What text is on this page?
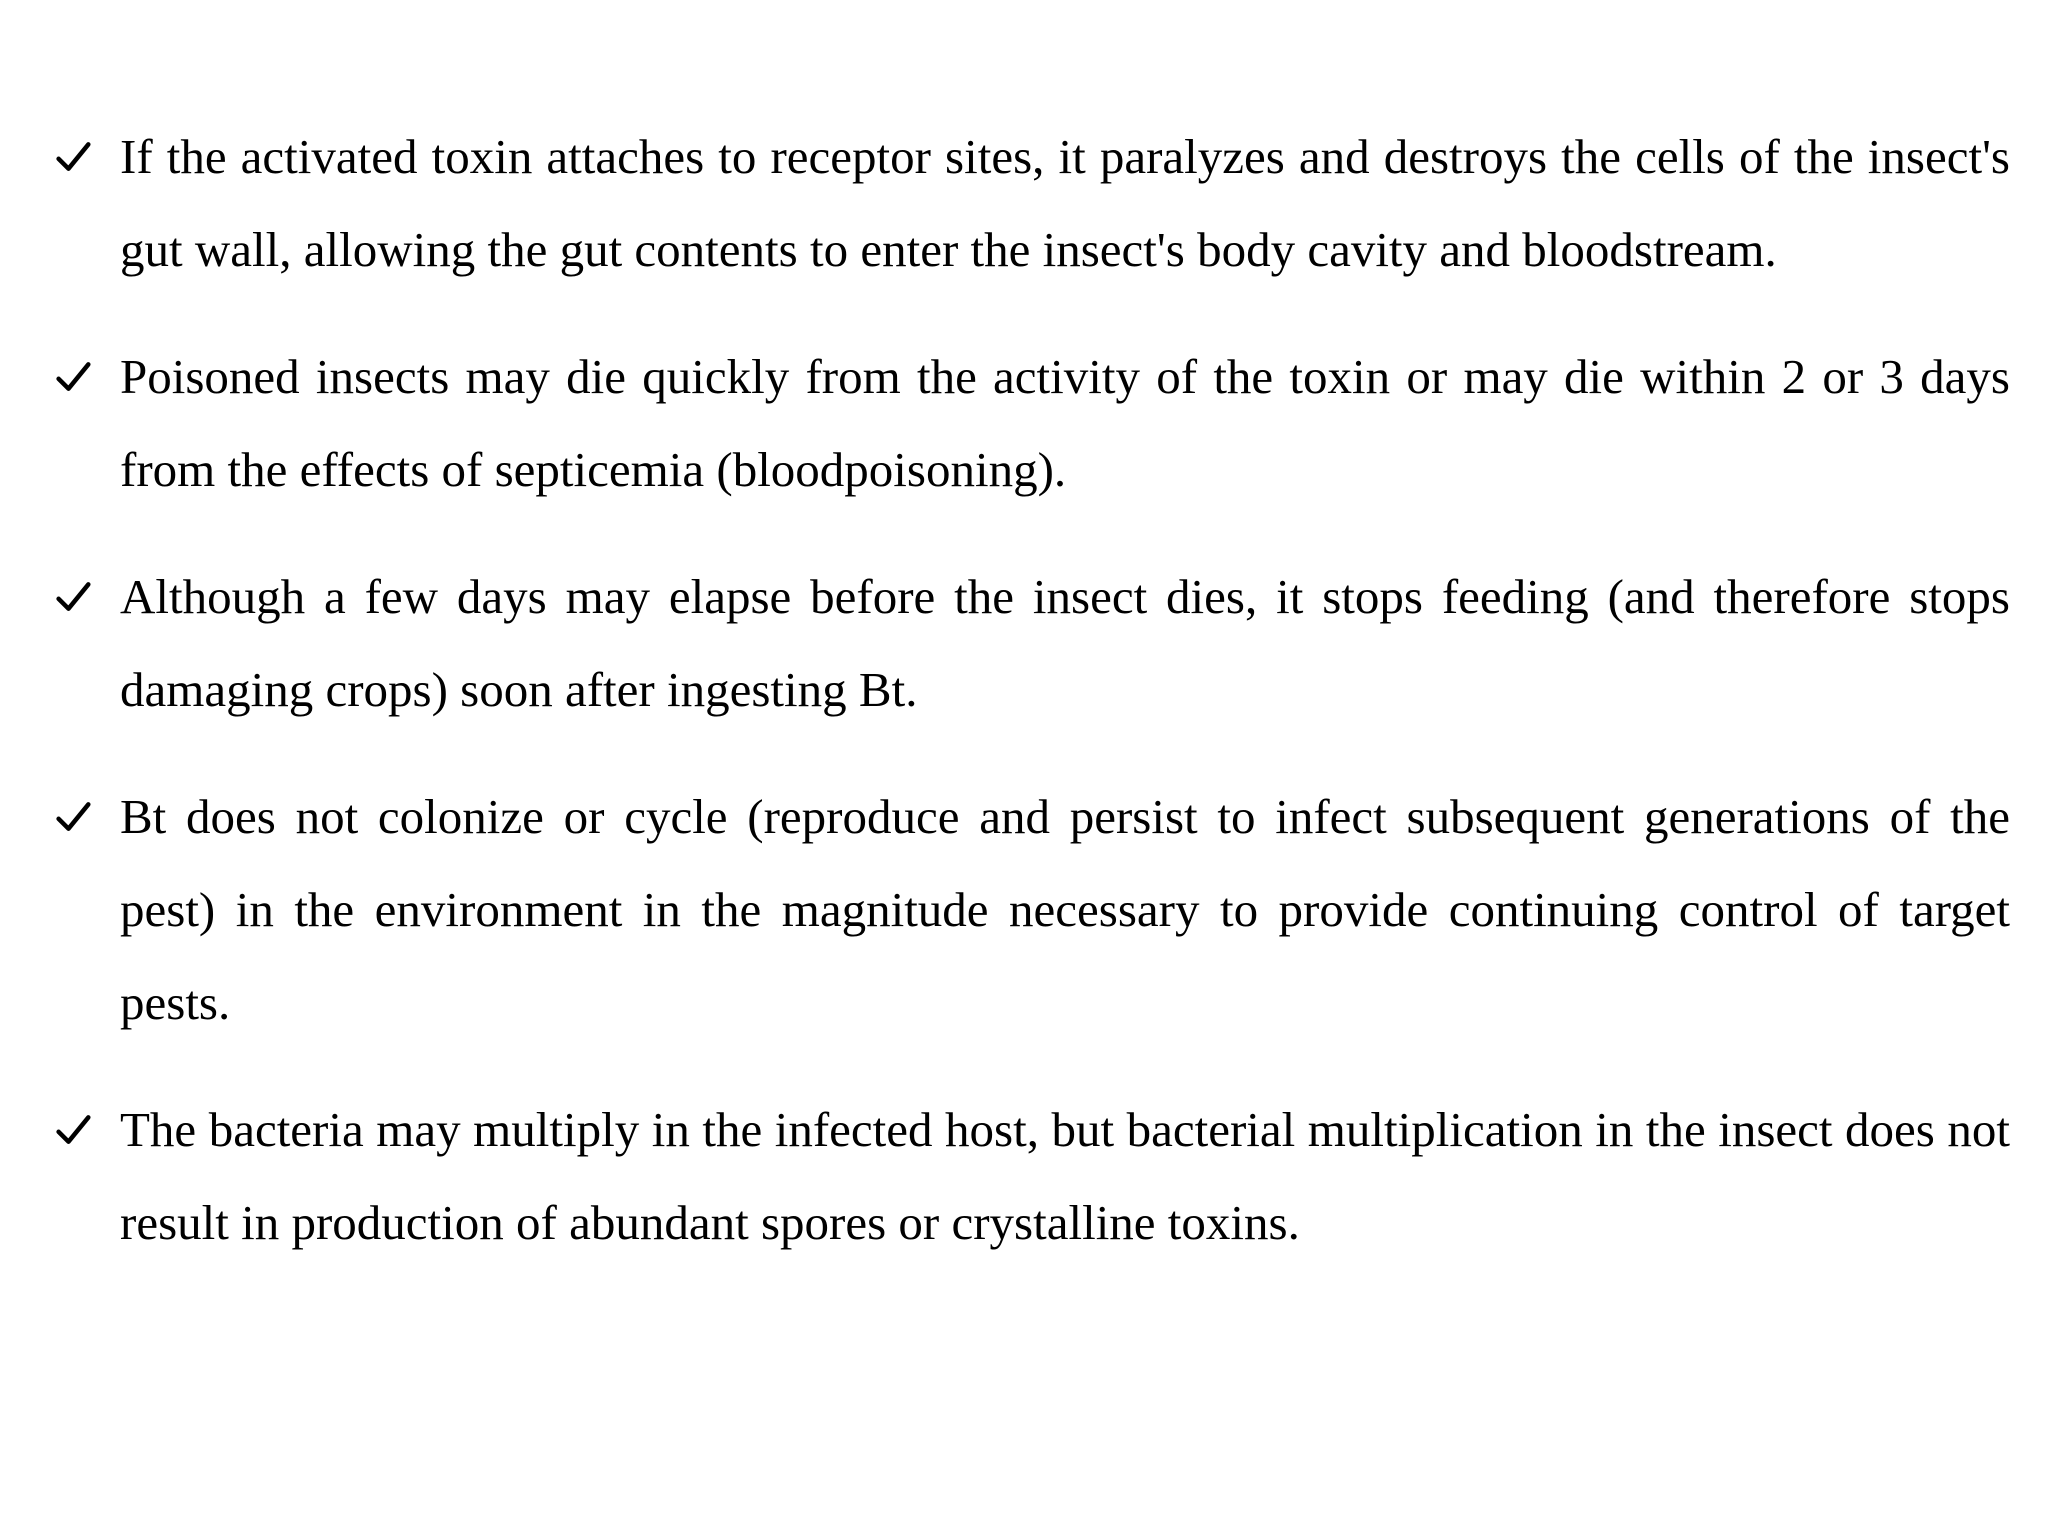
If the activated toxin attaches to receptor sites, it paralyzes and destroys the cells of the insect's gut wall, allowing the gut contents to enter the insect's body cavity and bloodstream.
Poisoned insects may die quickly from the activity of the toxin or may die within 2 or 3 days from the effects of septicemia (bloodpoisoning).
Although a few days may elapse before the insect dies, it stops feeding (and therefore stops damaging crops) soon after ingesting Bt.
Bt does not colonize or cycle (reproduce and persist to infect subsequent generations of the pest) in the environment in the magnitude necessary to provide continuing control of target pests.
The bacteria may multiply in the infected host, but bacterial multiplication in the insect does not result in production of abundant spores or crystalline toxins.
